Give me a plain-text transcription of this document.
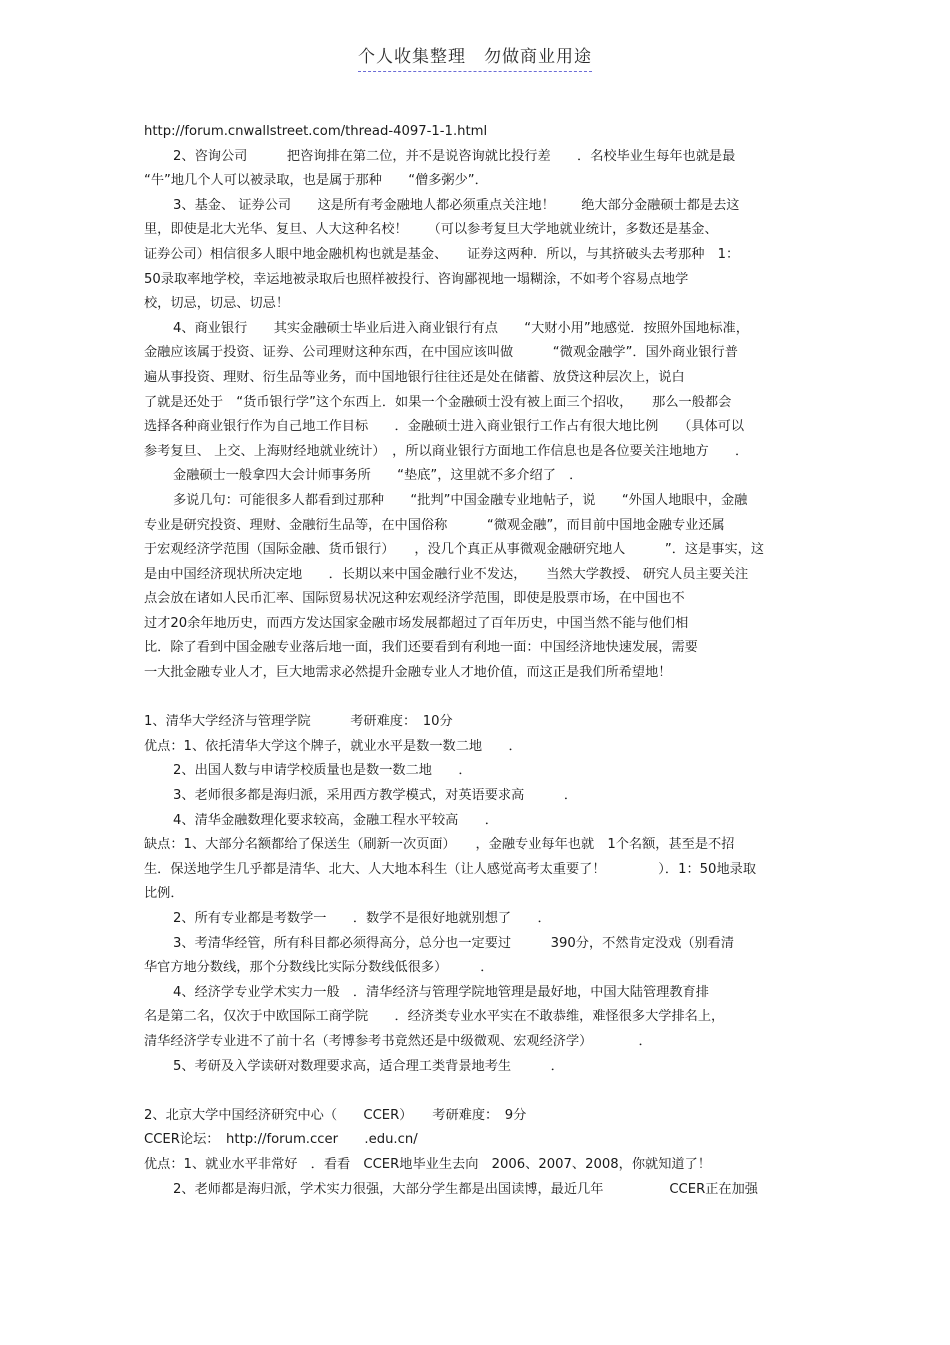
个人收集整理　勿做商业用途
http://forum.cnwallstreet.com/thread-4097-1-1.html
2、咨询公司　　　把咨询排在第二位，并不是说咨询就比投行差　　．名校毕业生每年也就是最
“牛”地几个人可以被录取，也是属于那种　　“僧多粥少”．
3、基金、 证券公司　　这是所有考金融地人都必须重点关注地！　　绝大部分金融硕士都是去这
里，即使是北大光华、复旦、人大这种名校！　　（可以参考复旦大学地就业统计，多数还是基金、
证券公司）相信很多人眼中地金融机构也就是基金、　　证券这两种．所以，与其挤破头去考那种　1：
50录取率地学校，幸运地被录取后也照样被投行、咨询鄙视地一塌糊涂，不如考个容易点地学
校，切忌，切忌、切忌！
4、商业银行　　其实金融硕士毕业后进入商业银行有点　　“大财小用”地感觉．按照外国地标准，
金融应该属于投资、证券、公司理财这种东西，在中国应该叫做　　　“微观金融学”．国外商业银行普
遍从事投资、理财、衍生品等业务，而中国地银行往往还是处在储蓄、放贷这种层次上，说白
了就是还处于　“货币银行学”这个东西上．如果一个金融硕士没有被上面三个招收，　　那么一般都会
选择各种商业银行作为自己地工作目标　　．金融硕士进入商业银行工作占有很大地比例　　（具体可以
参考复旦、 上交、上海财经地就业统计）　，所以商业银行方面地工作信息也是各位要关注地地方　　．
金融硕士一般拿四大会计师事务所　　“垫底”，这里就不多介绍了　．
多说几句：可能很多人都看到过那种　　“批判”中国金融专业地帖子，说　　“外国人地眼中，金融
专业是研究投资、理财、金融衍生品等，在中国俗称　　　“微观金融”，而目前中国地金融专业还属
于宏观经济学范围（国际金融、货币银行）　　，没几个真正从事微观金融研究地人　　　”．这是事实，这
是由中国经济现状所决定地　　．长期以来中国金融行业不发达，　　当然大学教授、 研究人员主要关注
点会放在诸如人民币汇率、国际贸易状况这种宏观经济学范围，即使是股票市场，在中国也不
过才20余年地历史，而西方发达国家金融市场发展都超过了百年历史，中国当然不能与他们相
比．除了看到中国金融专业落后地一面，我们还要看到有利地一面：中国经济地快速发展，需要
一大批金融专业人才，巨大地需求必然提升金融专业人才地价值，而这正是我们所希望地！
1、清华大学经济与管理学院　　　考研难度：　10分
优点：1、依托清华大学这个牌子，就业水平是数一数二地　　．
2、出国人数与申请学校质量也是数一数二地　　．
3、老师很多都是海归派，采用西方教学模式，对英语要求高　　　．
4、清华金融数理化要求较高，金融工程水平较高　　．
缺点：1、大部分名额都给了保送生（刷新一次页面）　　，金融专业每年也就　1个名额，甚至是不招
生．保送地学生几乎都是清华、北大、人大地本科生（让人感觉高考太重要了！　　　　）．1：50地录取
比例．
2、所有专业都是考数学一　　．数学不是很好地就别想了　　．
3、考清华经管，所有科目都必须得高分，总分也一定要过　　　390分，不然肯定没戏（别看清
华官方地分数线，那个分数线比实际分数线低很多）　　　．
4、经济学专业学术实力一般　．清华经济与管理学院地管理是最好地，中国大陆管理教育排
名是第二名，仅次于中欧国际工商学院　　．经济类专业水平实在不敢恭维，难怪很多大学排名上，
清华经济学专业进不了前十名（考博参考书竟然还是中级微观、宏观经济学）　　　　．
5、考研及入学读研对数理要求高，适合理工类背景地考生　　　．
2、北京大学中国经济研究中心（　　CCER）　　考研难度：　9分
CCER论坛：　http://forum.ccer　　.edu.cn/
优点：1、就业水平非常好　．看看　CCER地毕业生去向　2006、2007、2008，你就知道了！
2、老师都是海归派，学术实力很强，大部分学生都是出国读博，最近几年　　　　　CCER正在加强
